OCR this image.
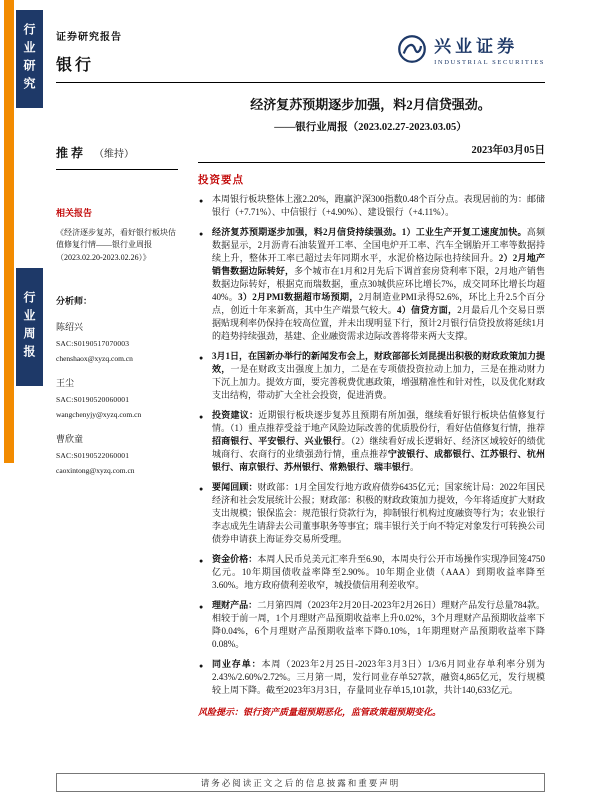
行业研究
行业周报
证券研究报告
银行
兴业证券
INDUSTRIAL SECURITIES
经济复苏预期逐步加强，料2月信贷强劲。
——银行业周报（2023.02.27-2023.03.05）
推荐 （维持）
相关报告
《经济逐步复苏，看好银行板块估值修复行情——银行业周报（2023.02.20-2023.02.26）》
分析师：
陈绍兴
SAC:S0190517070003
chenshaox@xyzq.com.cn
王尘
SAC:S0190520060001
wangchenyjy@xyzq.com.cn
曹欣童
SAC:S0190522060001
caoxintong@xyzq.com.cn
2023年03月05日
投资要点
● 本周银行板块整体上涨2.20%，跑赢沪深300指数0.48个百分点。表现居前的为：邮储银行（+7.71%）、中信银行（+4.90%）、建设银行（+4.11%）。
● 经济复苏预期逐步加强，料2月信贷持续强劲。1）工业生产开复工速度加快。高频数据显示，2月沥青石油装置开工率、全国电炉开工率、汽车全钢胎开工率等数据持续上升，整体开工率已超过去年同期水平，水泥价格边际也持续回升。2）2月地产销售数据边际转好，多个城市在1月和2月先后下调首套房贷利率下限，2月地产销售数据边际转好，根据克而瑞数据，重点30城供应环比增长7%，成交同环比增长均超40%。3）2月PMI数据超市场预期，2月制造业PMI录得52.6%，环比上升2.5个百分点，创近十年来新高，其中生产端景气较大。4）信贷方面，2月最后几个交易日票据贴现利率仍保持在较高位置，并未出现明显下行，预计2月银行信贷投放将延续1月的趋势持续强劲，基建、企业融资需求边际改善将带来两大支撑。
● 3月1日，在国新办举行的新闻发布会上，财政部部长刘昆提出积极的财政政策加力提效，一是在财政支出强度上加力，二是在专项债投资拉动上加力，三是在推动财力下沉上加力。提效方面，要完善税费优惠政策，增强精准性和针对性，以及优化财政支出结构，带动扩大全社会投资，促进消费。
● 投资建议：近期银行板块逐步复苏且预期有所加强，继续看好银行板块估值修复行情。（1）重点推荐受益于地产风险边际改善的优质股份行，看好估值修复行情，推荐招商银行、平安银行、兴业银行。（2）继续看好成长逻辑好、经济区域较好的绩优城商行、农商行的业绩强劲行情，重点推荐宁波银行、成都银行、江苏银行、杭州银行、南京银行、苏州银行、常熟银行、瑞丰银行。
● 要闻回顾：财政部：1月全国发行地方政府债券6435亿元；国家统计局：2022年国民经济和社会发展统计公报；财政部：积极的财政政策加力提效，今年将适度扩大财政支出规模；银保监会：规范银行贷款行为，抑制银行机构过度融资等行为；农业银行李志成先生请辞去公司董事职务等事宜；瑞丰银行关于向不特定对象发行可转换公司债券申请获上海证券交易所受理。
● 资金价格：本周人民币兑美元汇率升至6.90，本周央行公开市场操作实现净回笼4750亿元。10年期国债收益率降至2.90%。10年期企业债（AAA）到期收益率降至3.60%。地方政府债利差收窄，城投债信用利差收窄。
● 理财产品：二月第四周（2023年2月20日-2023年2月26日）理财产品发行总量784款。相较于前一周，1个月理财产品预期收益率上升0.02%，3个月理财产品预期收益率下降0.04%，6个月理财产品预期收益率下降0.10%，1年期理财产品预期收益率下降0.08%。
● 同业存单：本周（2023年2月25日-2023年3月3日）1/3/6月同业存单利率分别为2.43%/2.60%/2.72%。三月第一周，发行同业存单527款，融资4,865亿元，发行规模较上周下降。截至2023年3月3日，存量同业存单15,101款，共计140,633亿元。
风险提示：银行资产质量超预期恶化，监管政策超预期变化。
请务必阅读正文之后的信息披露和重要声明
